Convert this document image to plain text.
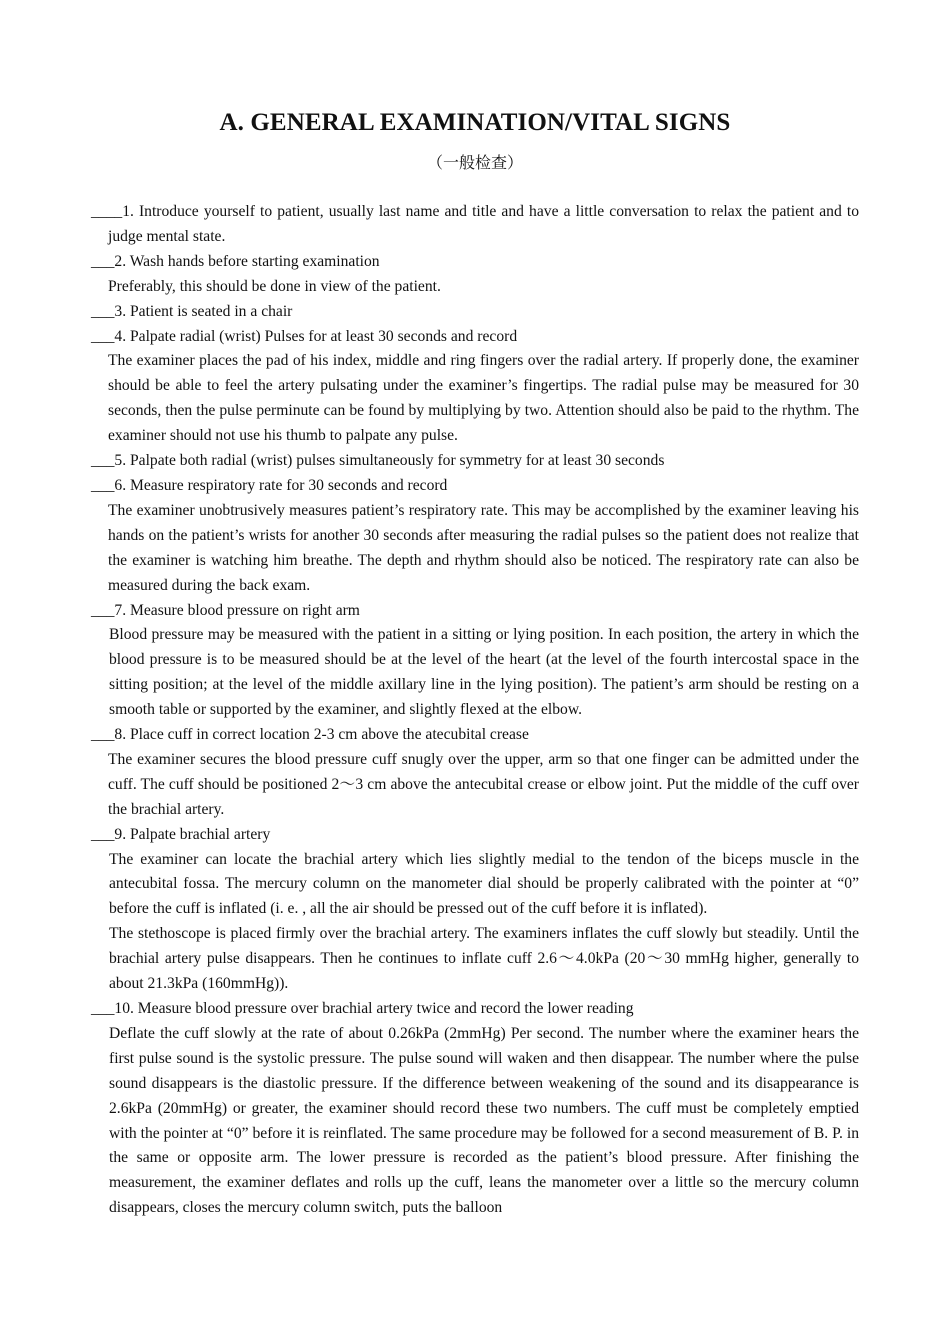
A. GENERAL EXAMINATION/VITAL SIGNS
（一般检查）
____1. Introduce yourself to patient, usually last name and title and have a little conversation to relax the patient and to judge mental state.
___2. Wash hands before starting examination
Preferably, this should be done in view of the patient.
___3. Patient is seated in a chair
___4. Palpate radial (wrist) Pulses for at least 30 seconds and record
The examiner places the pad of his index, middle and ring fingers over the radial artery. If properly done, the examiner should be able to feel the artery pulsating under the examiner’s fingertips. The radial pulse may be measured for 30 seconds, then the pulse perminute can be found by multiplying by two. Attention should also be paid to the rhythm. The examiner should not use his thumb to palpate any pulse.
___5. Palpate both radial (wrist) pulses simultaneously for symmetry for at least 30 seconds
___6. Measure respiratory rate for 30 seconds and record
The examiner unobtrusively measures patient’s respiratory rate. This may be accomplished by the examiner leaving his hands on the patient’s wrists for another 30 seconds after measuring the radial pulses so the patient does not realize that the examiner is watching him breathe. The depth and rhythm should also be noticed. The respiratory rate can also be measured during the back exam.
___7. Measure blood pressure on right arm
Blood pressure may be measured with the patient in a sitting or lying position. In each position, the artery in which the blood pressure is to be measured should be at the level of the heart (at the level of the fourth intercostal space in the sitting position; at the level of the middle axillary line in the lying position). The patient’s arm should be resting on a smooth table or supported by the examiner, and slightly flexed at the elbow.
___8. Place cuff in correct location 2-3 cm above the atecubital crease
The examiner secures the blood pressure cuff snugly over the upper, arm so that one finger can be admitted under the cuff. The cuff should be positioned 2～3 cm above the antecubital crease or elbow joint. Put the middle of the cuff over the brachial artery.
___9. Palpate brachial artery

The examiner can locate the brachial artery which lies slightly medial to the tendon of the biceps muscle in the antecubital fossa. The mercury column on the manometer dial should be properly calibrated with the pointer at “0” before the cuff is inflated (i. e. , all the air should be pressed out of the cuff before it is inflated).

The stethoscope is placed firmly over the brachial artery. The examiners inflates the cuff slowly but steadily. Until the brachial artery pulse disappears. Then he continues to inflate cuff 2.6～4.0kPa (20～30 mmHg higher, generally to about 21.3kPa (160mmHg)).

___10. Measure blood pressure over brachial artery twice and record the lower reading
Deflate the cuff slowly at the rate of about 0.26kPa (2mmHg) Per second. The number where the examiner hears the first pulse sound is the systolic pressure. The pulse sound will waken and then disappear. The number where the pulse sound disappears is the diastolic pressure. If the difference between weakening of the sound and its disappearance is 2.6kPa (20mmHg) or greater, the examiner should record these two numbers. The cuff must be completely emptied with the pointer at “0” before it is reinflated. The same procedure may be followed for a second measurement of B. P. in the same or opposite arm. The lower pressure is recorded as the patient’s blood pressure. After finishing the measurement, the examiner deflates and rolls up the cuff, leans the manometer over a little so the mercury column disappears, closes the mercury column switch, puts the balloon
